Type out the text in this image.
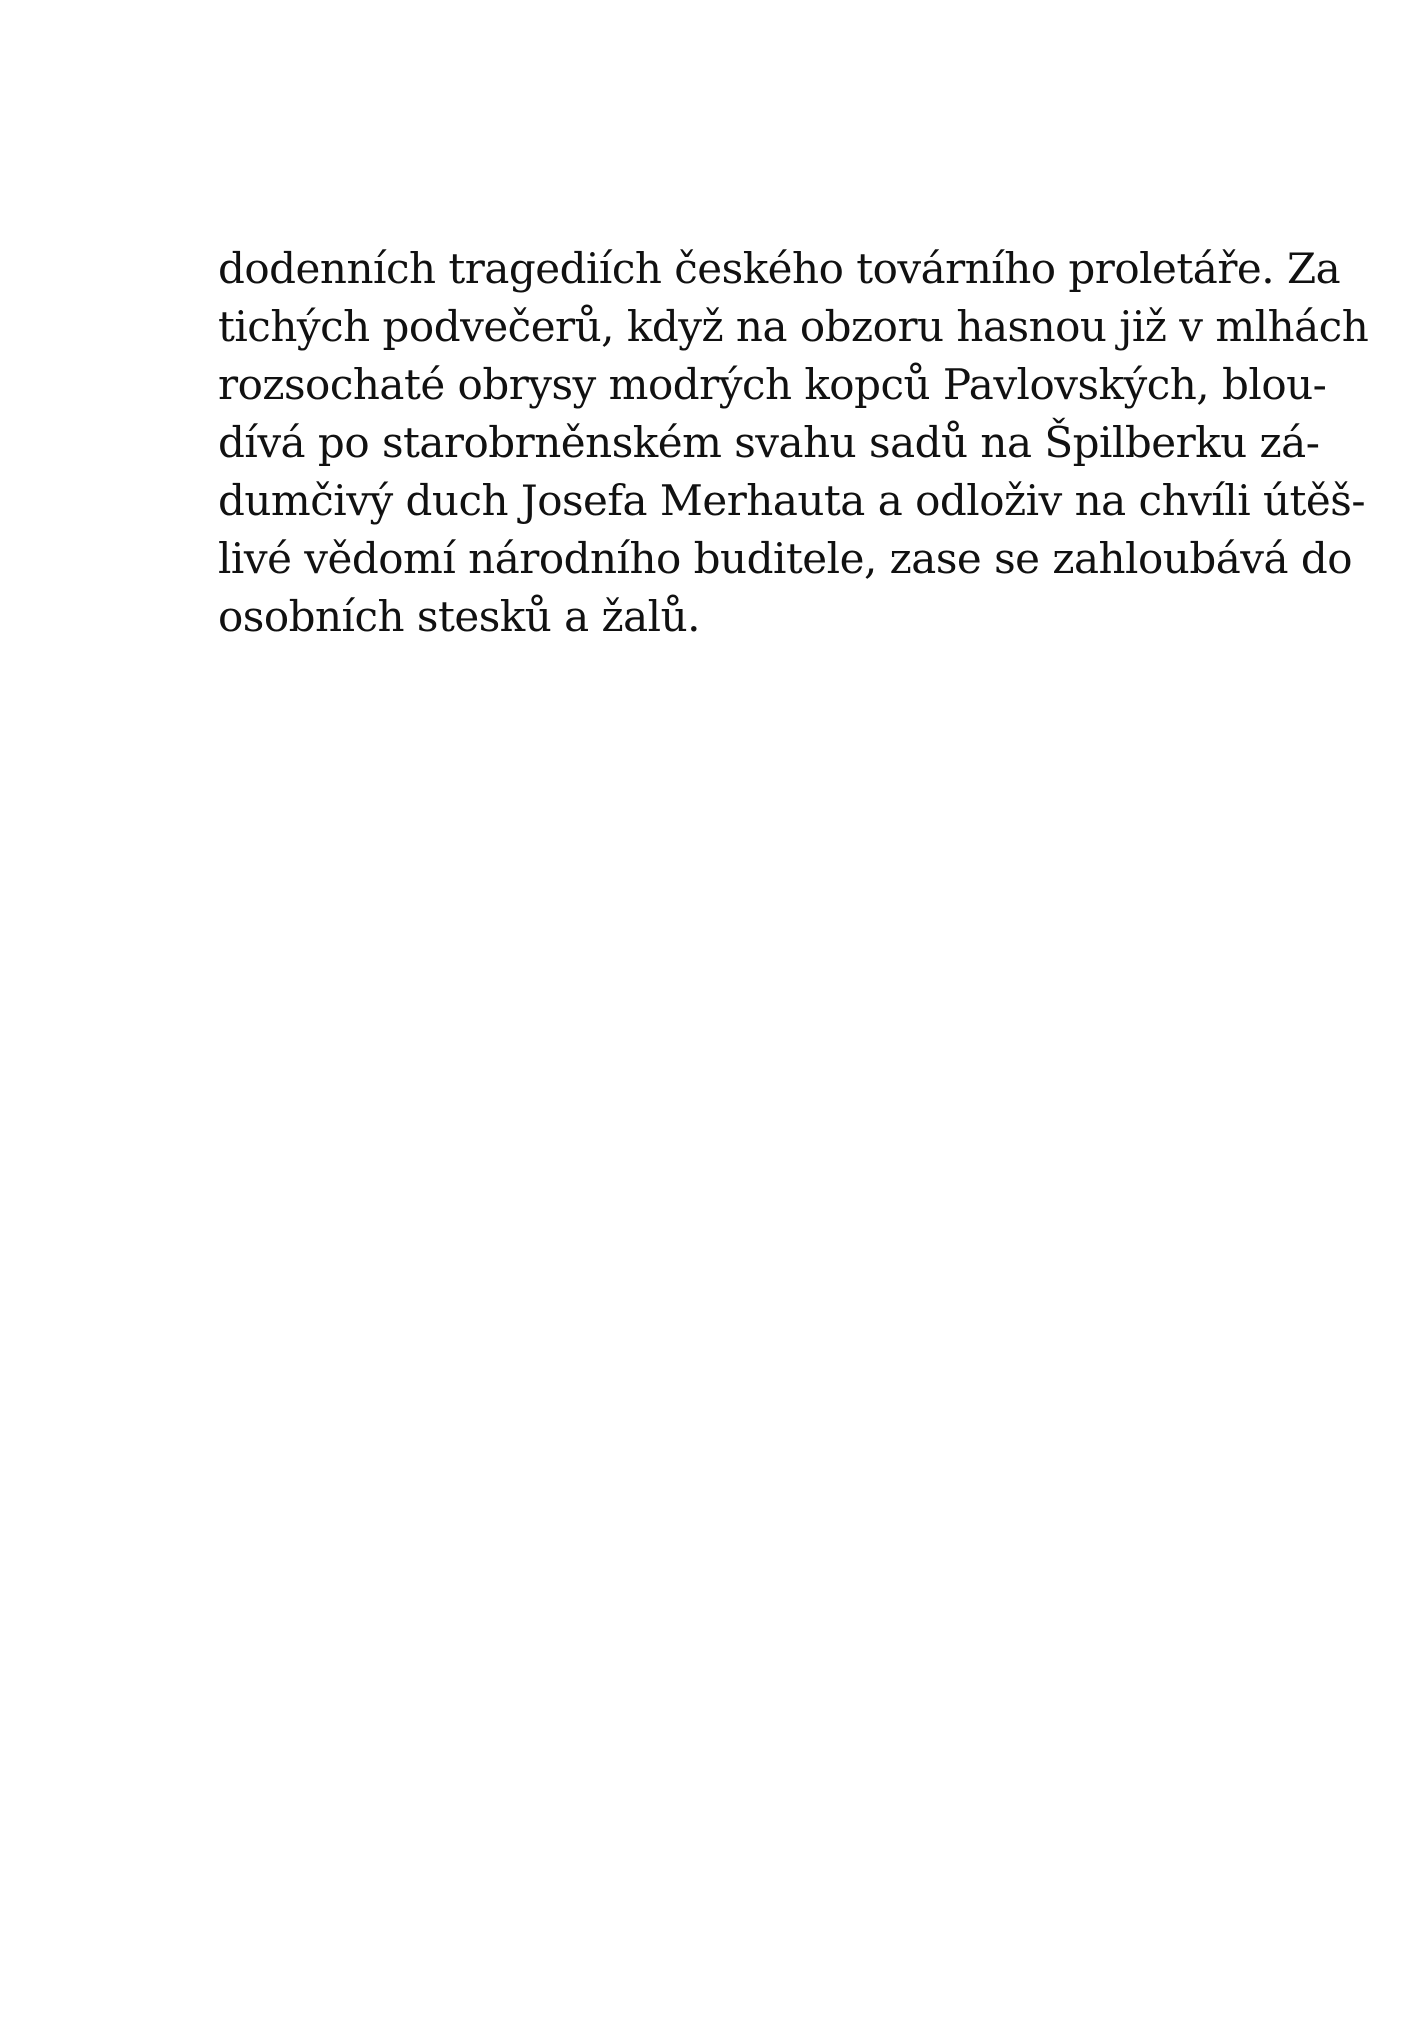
dodenních tragediích českého továrního proletáře. Za
tichých podvečerů, když na obzoru hasnou již v mlhách
rozsochaté obrysy modrých kopců Pavlovských, blou-
dívá po starobrněnském svahu sadů na Špilberku zá-
dumčivý duch Josefa Merhauta a odloživ na chvíli útěš-
livé vědomí národního buditele, zase se zahloubává do
osobních stesků a žalů.
